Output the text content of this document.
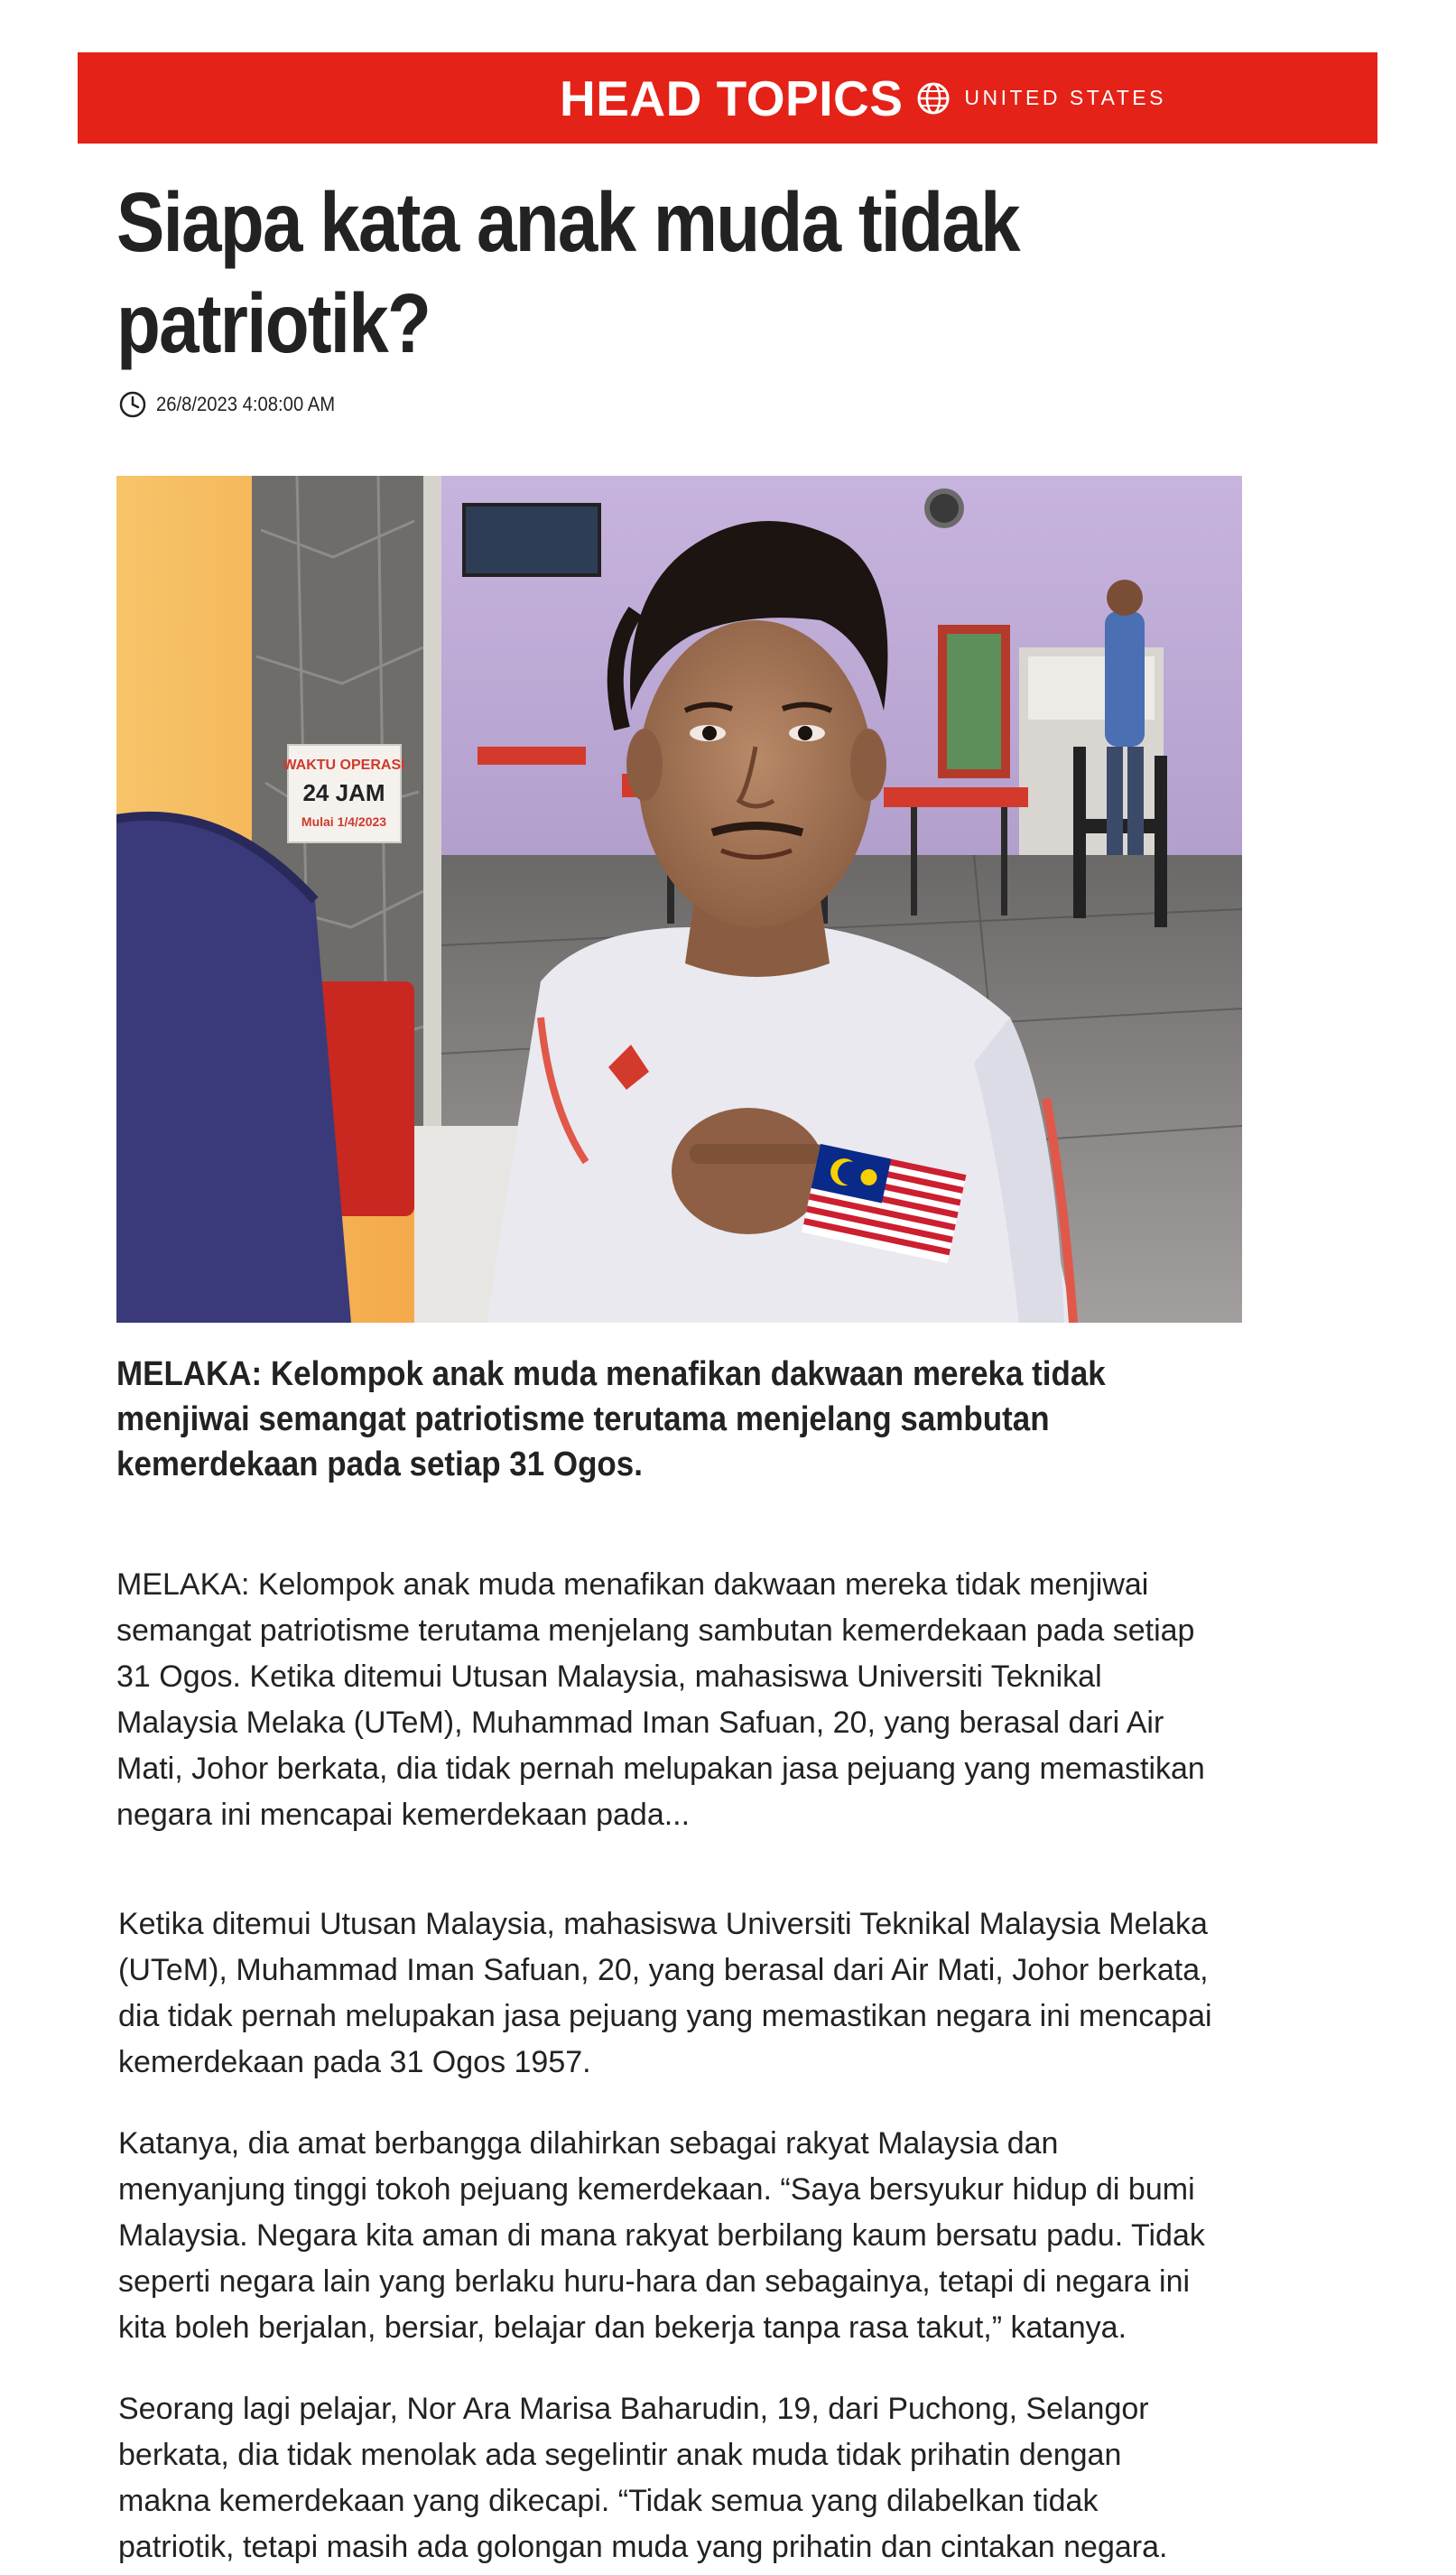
HEAD TOPICS	UNITED STATES
Siapa kata anak muda tidak patriotik?
26/8/2023 4:08:00 AM
WAKTU OPERASI
24 JAM
Mulai 1/4/2023

MELAKA: Kelompok anak muda menafikan dakwaan mereka tidak menjiwai semangat patriotisme terutama menjelang sambutan kemerdekaan pada setiap 31 Ogos.

MELAKA: Kelompok anak muda menafikan dakwaan mereka tidak menjiwai semangat patriotisme terutama menjelang sambutan kemerdekaan pada setiap 31 Ogos. Ketika ditemui Utusan Malaysia, mahasiswa Universiti Teknikal Malaysia Melaka (UTeM), Muhammad Iman Safuan, 20, yang berasal dari Air Mati, Johor berkata, dia tidak pernah melupakan jasa pejuang yang memastikan negara ini mencapai kemerdekaan pada...

Ketika ditemui Utusan Malaysia, mahasiswa Universiti Teknikal Malaysia Melaka (UTeM), Muhammad Iman Safuan, 20, yang berasal dari Air Mati, Johor berkata, dia tidak pernah melupakan jasa pejuang yang memastikan negara ini mencapai kemerdekaan pada 31 Ogos 1957.

Katanya, dia amat berbangga dilahirkan sebagai rakyat Malaysia dan menyanjung tinggi tokoh pejuang kemerdekaan. “Saya bersyukur hidup di bumi Malaysia. Negara kita aman di mana rakyat berbilang kaum bersatu padu. Tidak seperti negara lain yang berlaku huru-hara dan sebagainya, tetapi di negara ini kita boleh berjalan, bersiar, belajar dan bekerja tanpa rasa takut,” katanya.

Seorang lagi pelajar, Nor Ara Marisa Baharudin, 19, dari Puchong, Selangor berkata, dia tidak menolak ada segelintir anak muda tidak prihatin dengan makna kemerdekaan yang dikecapi. “Tidak semua yang dilabelkan tidak patriotik, tetapi masih ada golongan muda yang prihatin dan cintakan negara.
